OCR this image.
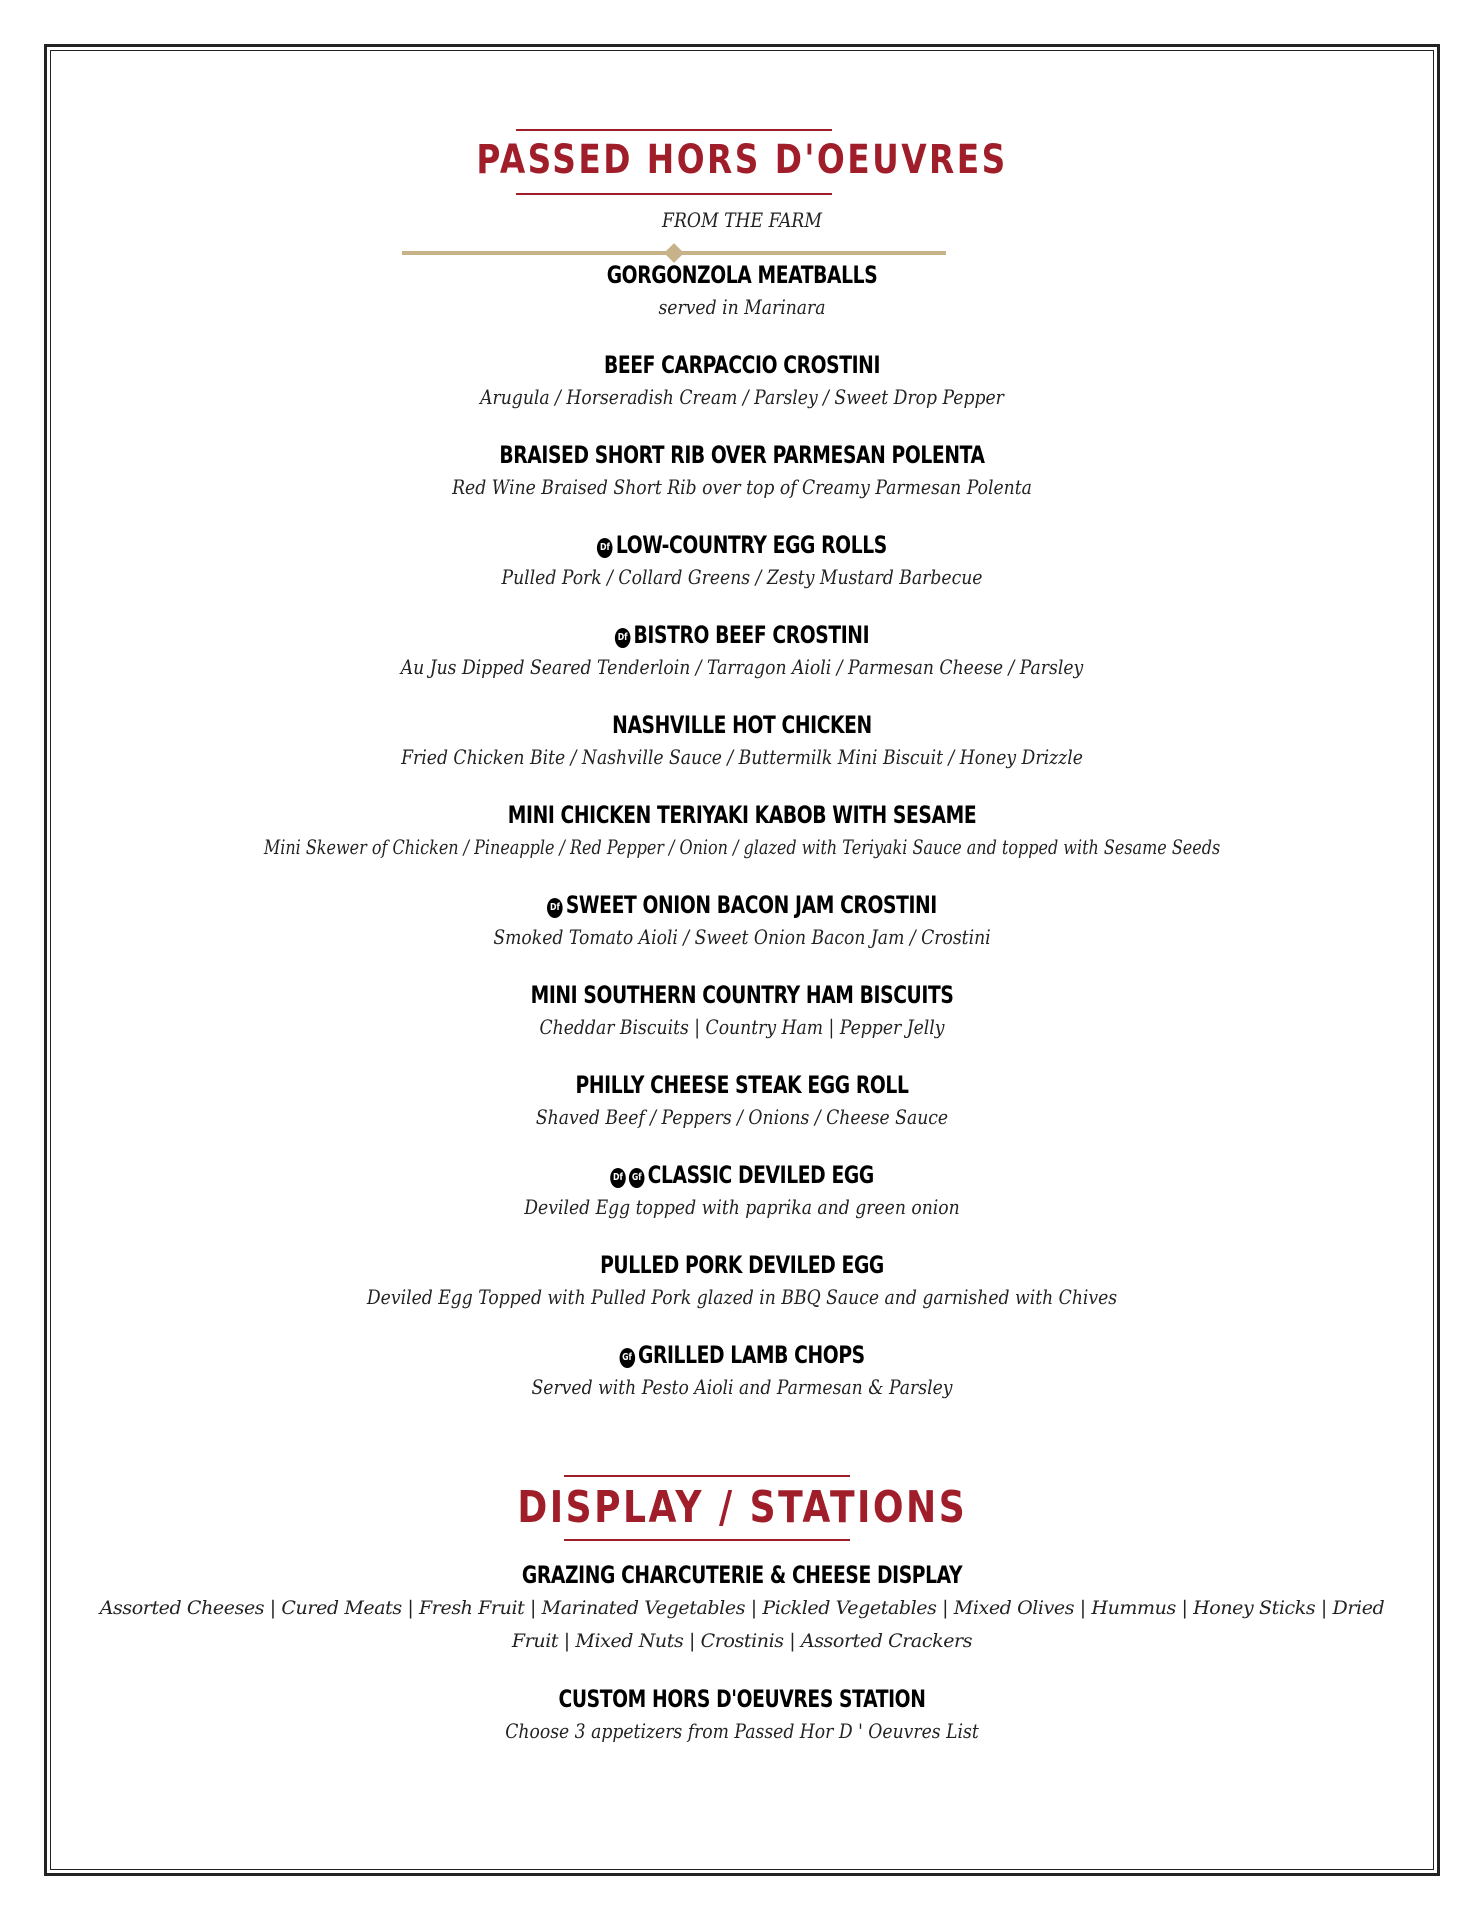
PASSED HORS D'OEUVRES
FROM THE FARM
GORGONZOLA MEATBALLS
served in Marinara
BEEF CARPACCIO CROSTINI
Arugula / Horseradish Cream / Parsley / Sweet Drop Pepper
BRAISED SHORT RIB OVER PARMESAN POLENTA
Red Wine Braised Short Rib over top of Creamy Parmesan Polenta
Df LOW-COUNTRY EGG ROLLS
Pulled Pork / Collard Greens / Zesty Mustard Barbecue
Df BISTRO BEEF CROSTINI
Au Jus Dipped Seared Tenderloin / Tarragon Aioli / Parmesan Cheese / Parsley
NASHVILLE HOT CHICKEN
Fried Chicken Bite / Nashville Sauce / Buttermilk Mini Biscuit / Honey Drizzle
MINI CHICKEN TERIYAKI KABOB WITH SESAME
Mini Skewer of Chicken / Pineapple / Red Pepper / Onion / glazed with Teriyaki Sauce and topped with Sesame Seeds
Df SWEET ONION BACON JAM CROSTINI
Smoked Tomato Aioli / Sweet Onion Bacon Jam / Crostini
MINI SOUTHERN COUNTRY HAM BISCUITS
Cheddar Biscuits | Country Ham | Pepper Jelly
PHILLY CHEESE STEAK EGG ROLL
Shaved Beef / Peppers / Onions / Cheese Sauce
Df Gf CLASSIC DEVILED EGG
Deviled Egg topped with paprika and green onion
PULLED PORK DEVILED EGG
Deviled Egg Topped with Pulled Pork glazed in BBQ Sauce and garnished with Chives
Gf GRILLED LAMB CHOPS
Served with Pesto Aioli and Parmesan & Parsley
DISPLAY / STATIONS
GRAZING CHARCUTERIE & CHEESE DISPLAY
Assorted Cheeses | Cured Meats | Fresh Fruit | Marinated Vegetables | Pickled Vegetables | Mixed Olives | Hummus | Honey Sticks | Dried Fruit | Mixed Nuts | Crostinis | Assorted Crackers
CUSTOM HORS D'OEUVRES STATION
Choose 3 appetizers from Passed Hor D ' Oeuvres List
